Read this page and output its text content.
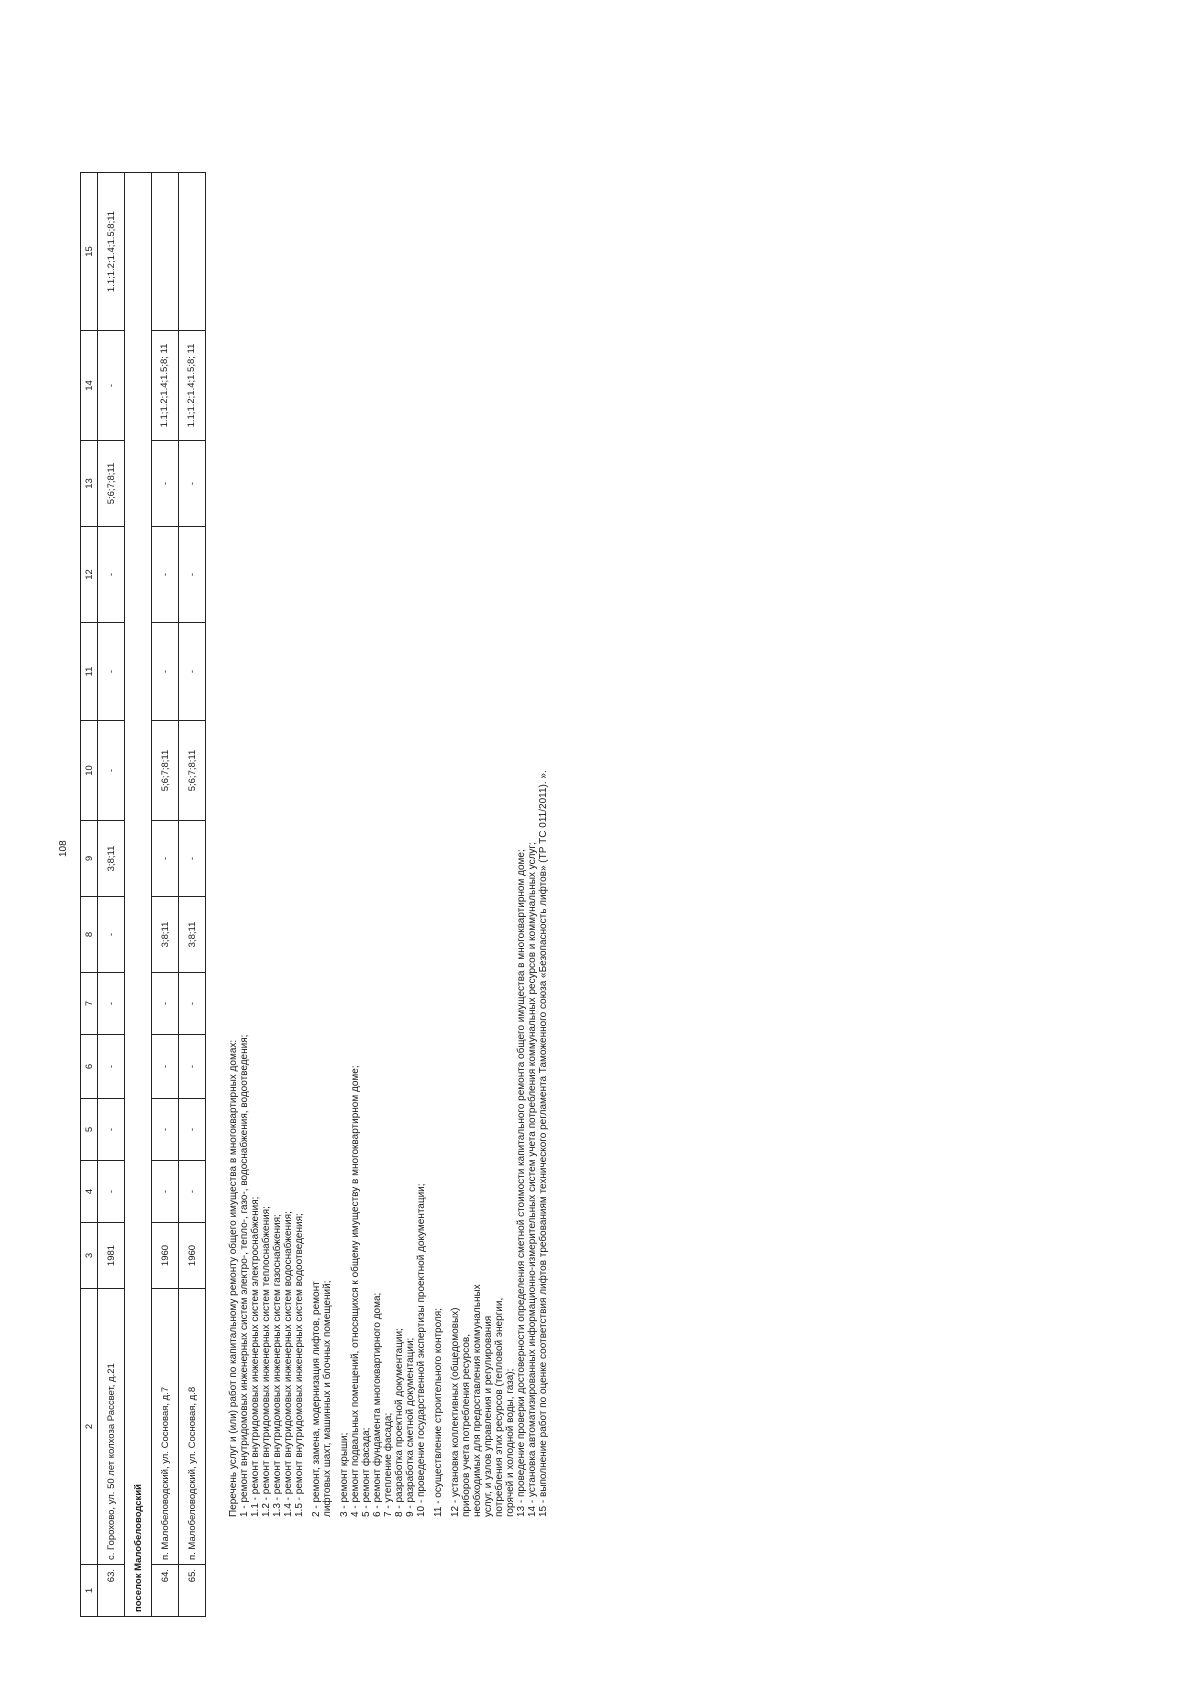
108
1	2	3	4	5	6	7	8	9	10	11	12	13	14	15
63.	с. Горохово, ул. 50 лет колхоза Рассвет, д.21	1981	-	-	-	-	-	3;8;11	-	-	-	5;6;7;8;11	-	1.1;1.2;1.4;1.5;8;11
поселок Малобеловодский														
64.	п. Малобеловодский, ул. Сосновая, д.7	1960	-	-	-	-	3;8;11	-	5;6;7;8;11	-	-	-	1.1;1.2;1.4;1.5;8; 11	
65.	п. Малобеловодский, ул. Сосновая, д.8	1960	-	-	-	-	3;8;11	-	5;6;7;8;11	-	-	-	1.1;1.2;1.4;1.5;8; 11	
Перечень услуг и (или) работ по капитальному ремонту общего имущества в многоквартирных домах: 1 - ремонт внутридомовых инженерных систем электро-, тепло-, газо-, водоснабжения, водоотведения; 1.1 - ремонт внутридомовых инженерных систем электроснабжения; 1.2 - ремонт внутридомовых инженерных систем теплоснабжения; 1.3 - ремонт внутридомовых инженерных систем газоснабжения; 1.4 - ремонт внутридомовых инженерных систем водоснабжения; 1.5 - ремонт внутридомовых инженерных систем водоотведения; 2 - ремонт, замена, модернизация лифтов, ремонт лифтовых шахт, машинных и блочных помещений; 3 - ремонт крыши; 4 - ремонт подвальных помещений, относящихся к общему имуществу в многоквартирном доме; 5 - ремонт фасада; 6 - ремонт фундамента многоквартирного дома; 7 - утепление фасада; 8 - разработка проектной документации; 9 - разработка сметной документации; 10 - проведение государственной экспертизы проектной документации; 11 - осуществление строительного контроля; 12 - установка коллективных (общедомовых) приборов учета потребления ресурсов, необходимых для предоставления коммунальных услуг, и узлов управления и регулирования потребления этих ресурсов (тепловой энергии, горячей и холодной воды, газа); 13 - проведение проверки достоверности определения сметной стоимости капитального ремонта общего имущества в многоквартирном доме; 14 - установка автоматизированных информационно-измерительных систем учета потребления коммунальных ресурсов и коммунальных услуг; 15 - выполнение работ по оценке соответствия лифтов требованиям технического регламента Таможенного союза «Безопасность лифтов» (ТР ТС 011/2011). ».
